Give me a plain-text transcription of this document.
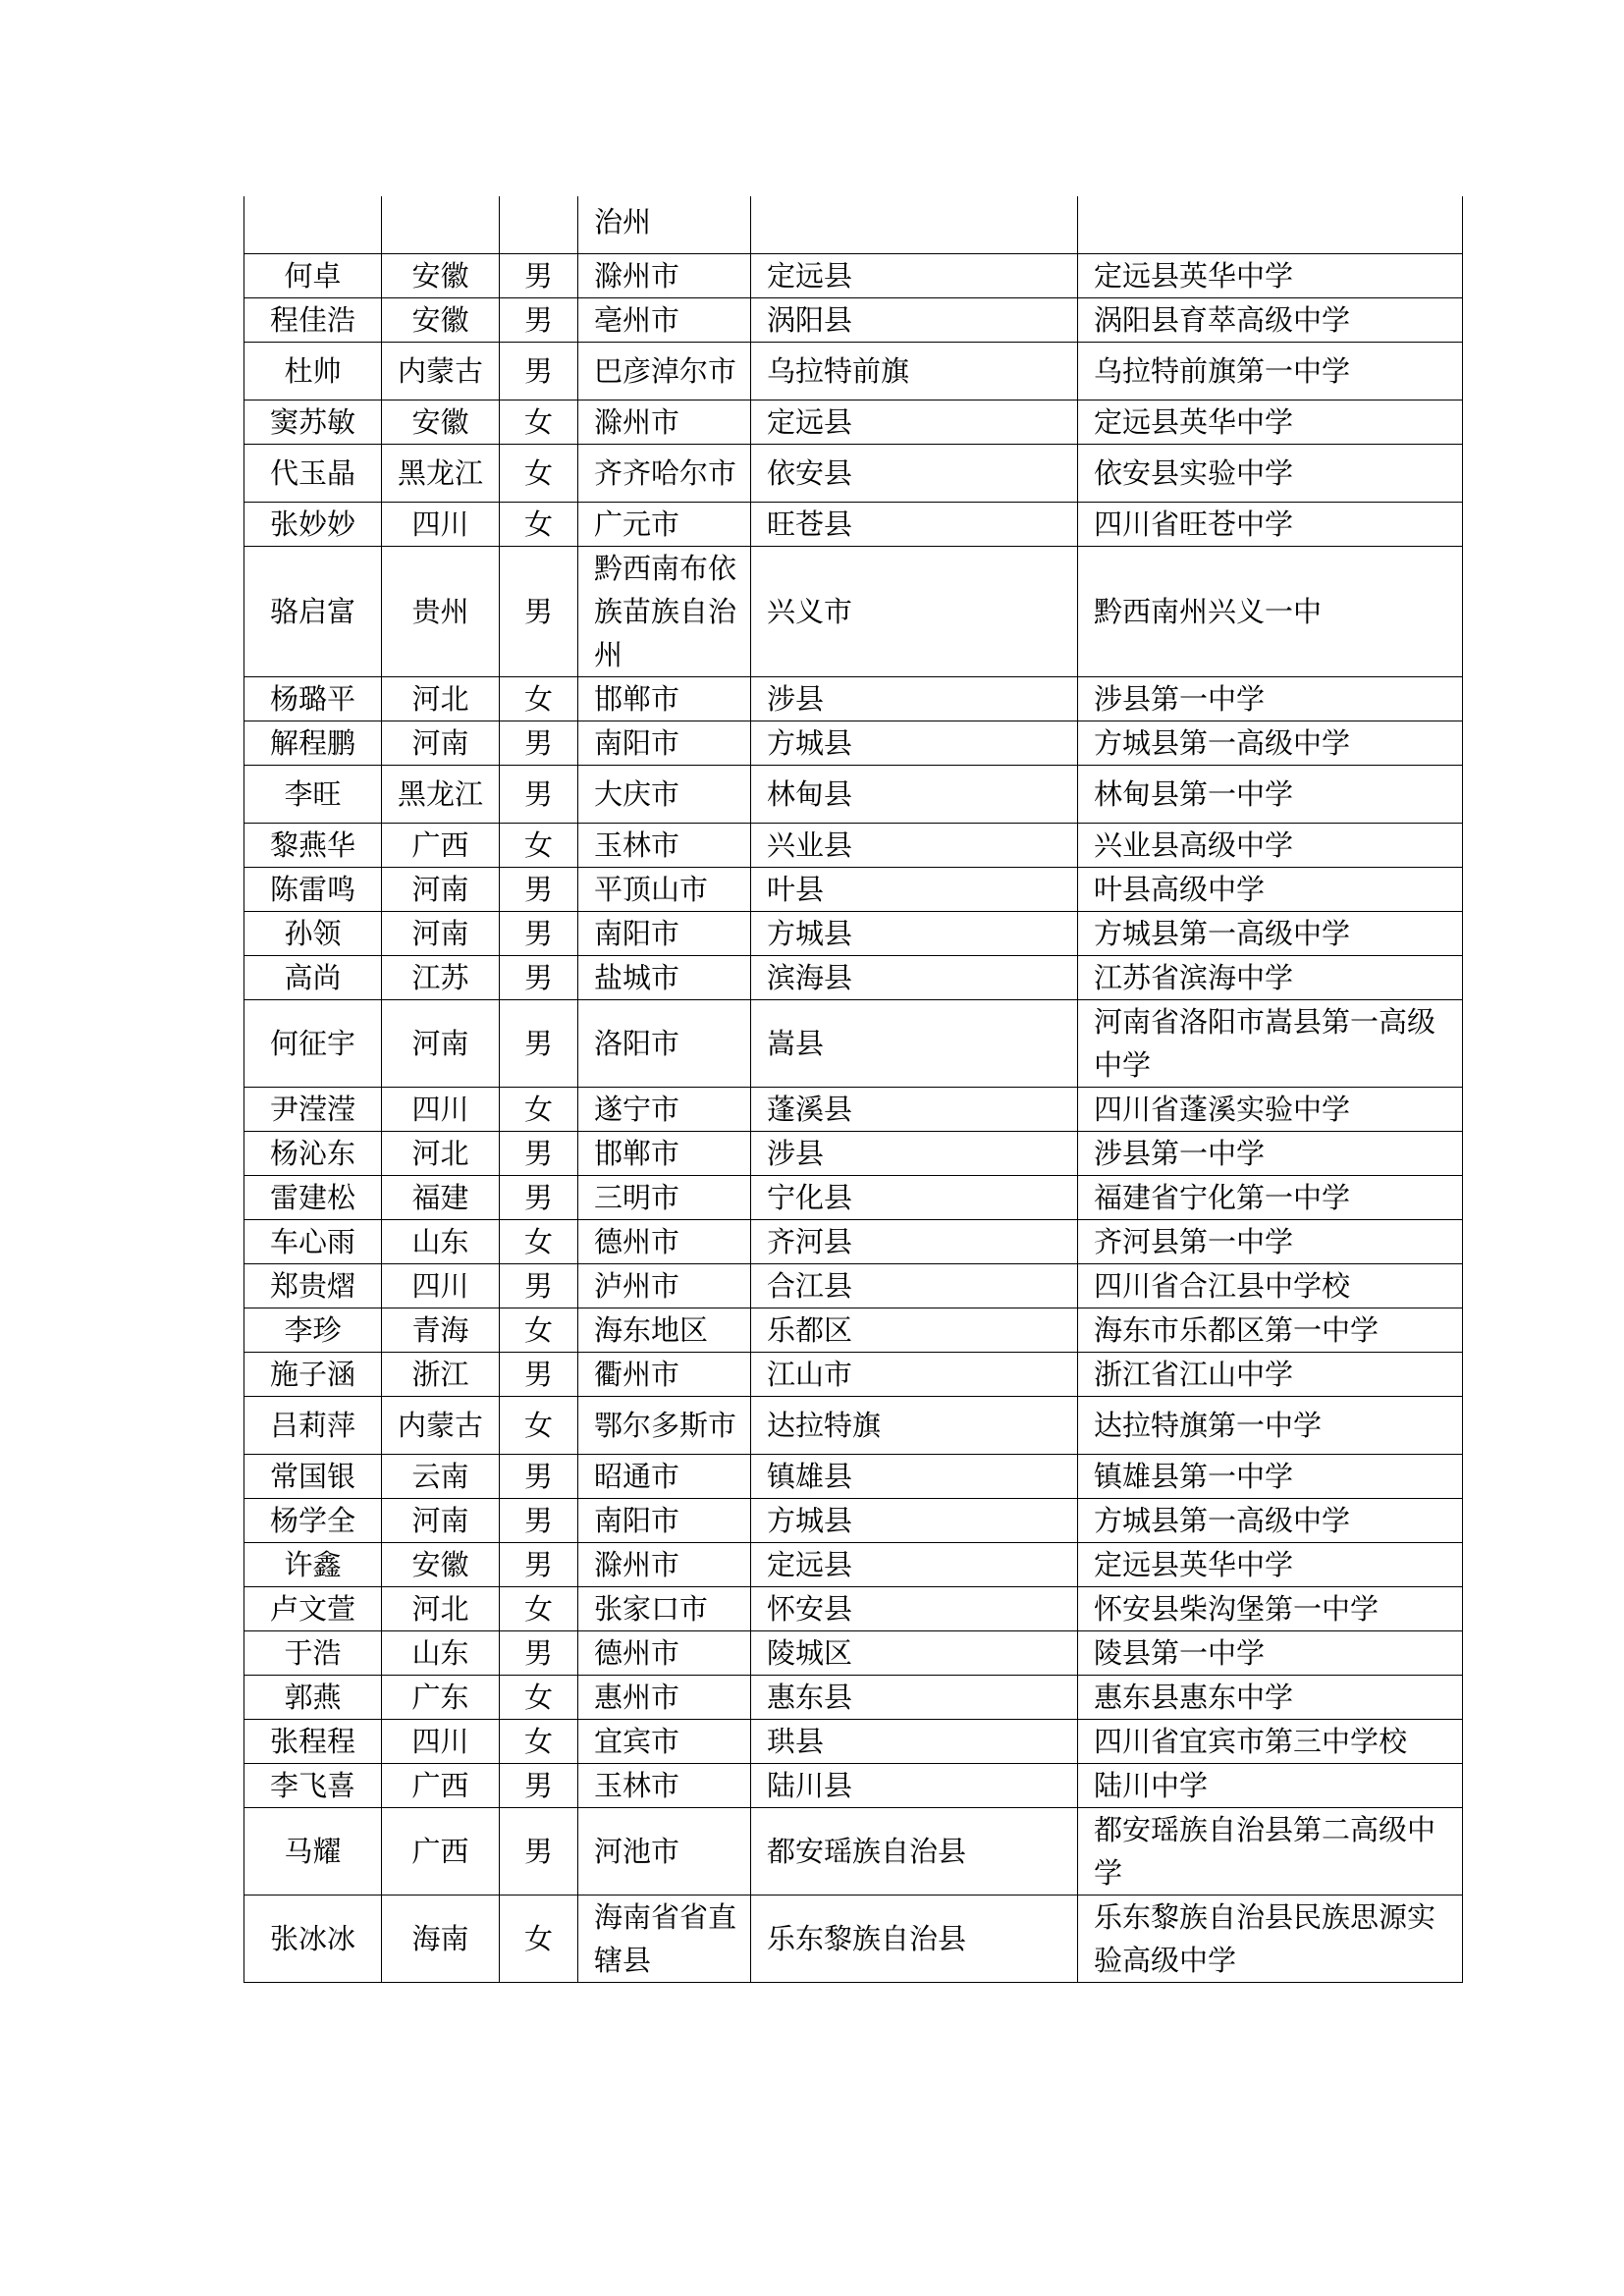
			治州		
何卓	安徽	男	滁州市	定远县	定远县英华中学
程佳浩	安徽	男	亳州市	涡阳县	涡阳县育萃高级中学
杜帅	内蒙古	男	巴彦淖尔市	乌拉特前旗	乌拉特前旗第一中学
窦苏敏	安徽	女	滁州市	定远县	定远县英华中学
代玉晶	黑龙江	女	齐齐哈尔市	依安县	依安县实验中学
张妙妙	四川	女	广元市	旺苍县	四川省旺苍中学
骆启富	贵州	男	黔西南布依族苗族自治州	兴义市	黔西南州兴义一中
杨璐平	河北	女	邯郸市	涉县	涉县第一中学
解程鹏	河南	男	南阳市	方城县	方城县第一高级中学
李旺	黑龙江	男	大庆市	林甸县	林甸县第一中学
黎燕华	广西	女	玉林市	兴业县	兴业县高级中学
陈雷鸣	河南	男	平顶山市	叶县	叶县高级中学
孙领	河南	男	南阳市	方城县	方城县第一高级中学
高尚	江苏	男	盐城市	滨海县	江苏省滨海中学
何征宇	河南	男	洛阳市	嵩县	河南省洛阳市嵩县第一高级中学
尹滢滢	四川	女	遂宁市	蓬溪县	四川省蓬溪实验中学
杨沁东	河北	男	邯郸市	涉县	涉县第一中学
雷建松	福建	男	三明市	宁化县	福建省宁化第一中学
车心雨	山东	女	德州市	齐河县	齐河县第一中学
郑贵熠	四川	男	泸州市	合江县	四川省合江县中学校
李珍	青海	女	海东地区	乐都区	海东市乐都区第一中学
施子涵	浙江	男	衢州市	江山市	浙江省江山中学
吕莉萍	内蒙古	女	鄂尔多斯市	达拉特旗	达拉特旗第一中学
常国银	云南	男	昭通市	镇雄县	镇雄县第一中学
杨学全	河南	男	南阳市	方城县	方城县第一高级中学
许鑫	安徽	男	滁州市	定远县	定远县英华中学
卢文萱	河北	女	张家口市	怀安县	怀安县柴沟堡第一中学
于浩	山东	男	德州市	陵城区	陵县第一中学
郭燕	广东	女	惠州市	惠东县	惠东县惠东中学
张程程	四川	女	宜宾市	珙县	四川省宜宾市第三中学校
李飞喜	广西	男	玉林市	陆川县	陆川中学
马耀	广西	男	河池市	都安瑶族自治县	都安瑶族自治县第二高级中学
张冰冰	海南	女	海南省省直辖县	乐东黎族自治县	乐东黎族自治县民族思源实验高级中学
